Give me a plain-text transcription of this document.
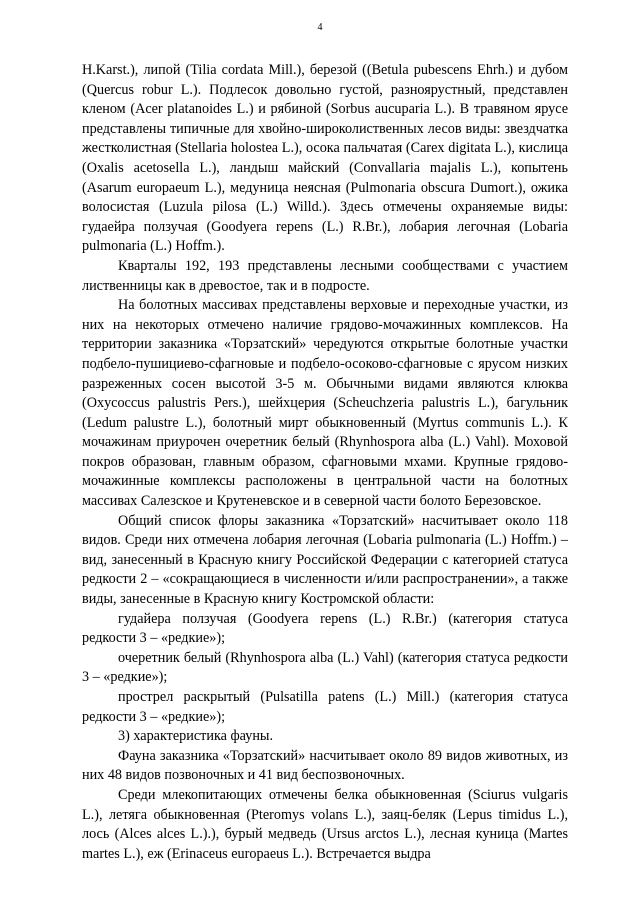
4

H.Karst.), липой (Tilia cordata Mill.), березой ((Betula pubescens Ehrh.) и дубом (Quercus robur L.). Подлесок довольно густой, разноярустный, представлен кленом (Acer platanoides L.) и рябиной (Sorbus aucuparia L.). В травяном ярусе представлены типичные для хвойно-широколиственных лесов виды: звездчатка жестколистная (Stellaria holostea L.), осока пальчатая (Carex digitata L.), кислица (Oxalis acetosella L.), ландыш майский (Convallaria majalis L.), копытень (Asarum europaeum L.), медуница неясная (Pulmonaria obscura Dumort.), ожика волосистая (Luzula pilosa (L.) Willd.). Здесь отмечены охраняемые виды: гудаейра ползучая (Goodyera repens (L.) R.Br.), лобария легочная (Lobaria pulmonaria (L.) Hoffm.).

Кварталы 192, 193 представлены лесными сообществами с участием лиственницы как в древостое, так и в подросте.

На болотных массивах представлены верховые и переходные участки, из них на некоторых отмечено наличие грядово-мочажинных комплексов. На территории заказника «Торзатский» чередуются открытые болотные участки подбело-пушициево-сфагновые и подбело-осоково-сфагновые с ярусом низких разреженных сосен высотой 3-5 м. Обычными видами являются клюква (Oxycoccus palustris Pers.), шейхцерия (Scheuchzeria palustris L.), багульник (Ledum palustre L.), болотный мирт обыкновенный (Myrtus communis L.). К мочажинам приурочен очеретник белый (Rhynhospora alba (L.) Vahl). Моховой покров образован, главным образом, сфагновыми мхами. Крупные грядово-мочажинные комплексы расположены в центральной части на болотных массивах Салезское и Крутеневское и в северной части болото Березовское.

Общий список флоры заказника «Торзатский» насчитывает около 118 видов. Среди них отмечена лобария легочная (Lobaria pulmonaria (L.) Hoffm.) – вид, занесенный в Красную книгу Российской Федерации с категорией статуса редкости 2 – «сокращающиеся в численности и/или распространении», а также виды, занесенные в Красную книгу Костромской области:

гудайера ползучая (Goodyera repens (L.) R.Br.) (категория статуса редкости 3 – «редкие»);

очеретник белый (Rhynhospora alba (L.) Vahl) (категория статуса редкости 3 – «редкие»);

прострел раскрытый (Pulsatilla patens (L.) Mill.) (категория статуса редкости 3 – «редкие»);

3) характеристика фауны.

Фауна заказника «Торзатский» насчитывает около 89 видов животных, из них 48 видов позвоночных и 41 вид беспозвоночных.

Среди млекопитающих отмечены белка обыкновенная (Sciurus vulgaris L.), летяга обыкновенная (Pteromys volans L.), заяц-беляк (Lepus timidus L.), лось (Alces alces L.).), бурый медведь (Ursus arctos L.), лесная куница (Martes martes L.), еж (Erinaceus europaeus L.). Встречается выдра
